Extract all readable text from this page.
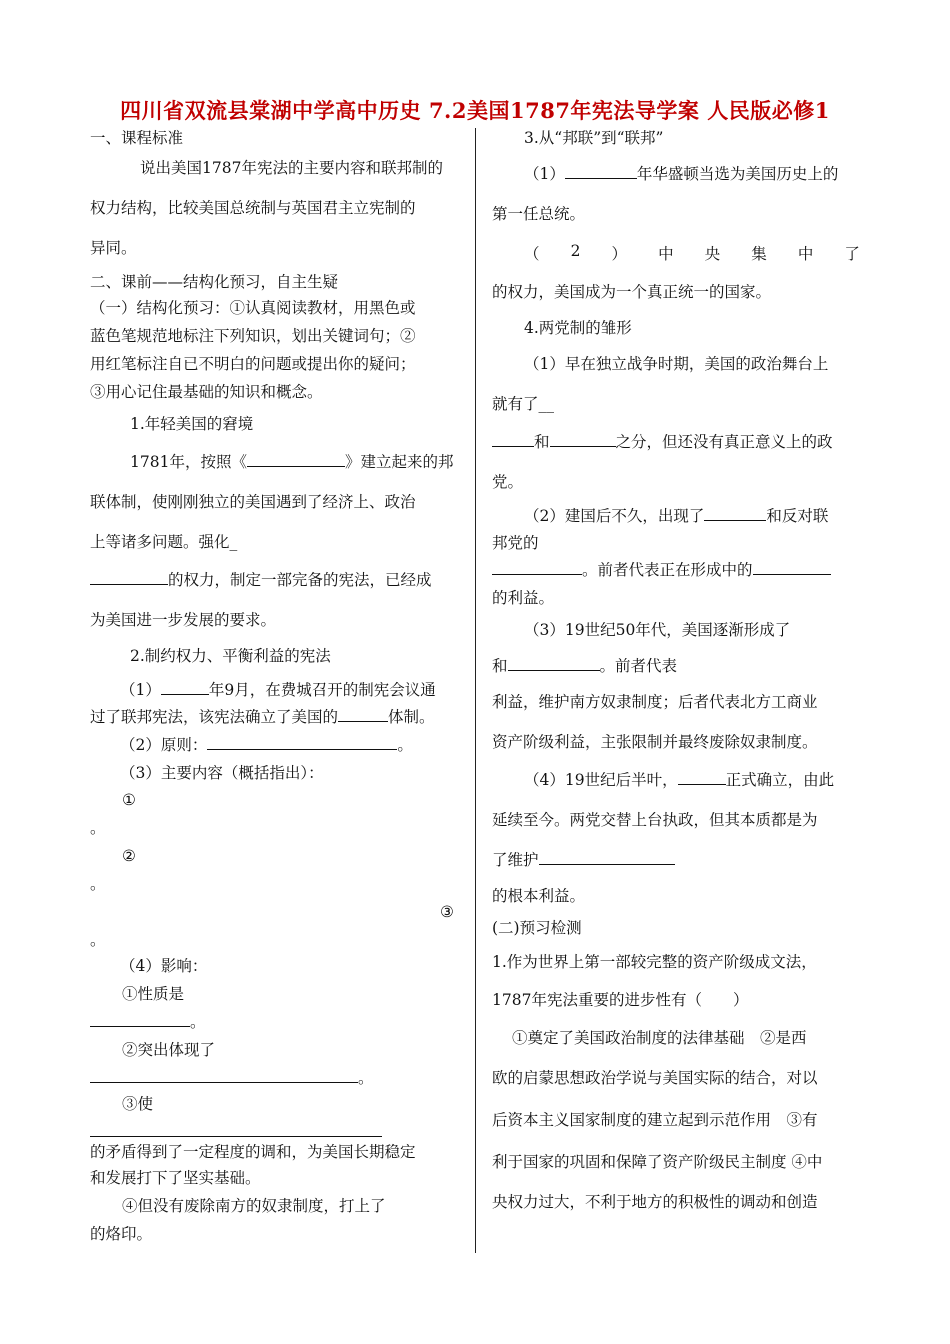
四川省双流县棠湖中学高中历史 7.2美国1787年宪法导学案 人民版必修1
一、课程标准
说出美国1787年宪法的主要内容和联邦制的
权力结构，比较美国总统制与英国君主立宪制的
异同。
二、课前——结构化预习，自主生疑
（一）结构化预习：①认真阅读教材，用黑色或
蓝色笔规范地标注下列知识，划出关键词句；②
用红笔标注自已不明白的问题或提出你的疑问；
③用心记住最基础的知识和概念。
1.年轻美国的窘境
1781年，按照《	》建立起来的邦
联体制，使刚刚独立的美国遇到了经济上、政治
上等诸多问题。强化_
的权力，制定一部完备的宪法，已经成
为美国进一步发展的要求。
2.制约权力、平衡利益的宪法
（1）	年9月，在费城召开的制宪会议通
过了联邦宪法，该宪法确立了美国的	体制。
（2）原则：	。
（3）主要内容（概括指出）：
①
。
②
。
③
。
（4）影响：
①性质是
。
②突出体现了
。
③使
的矛盾得到了一定程度的调和，为美国长期稳定
和发展打下了坚实基础。
④但没有废除南方的奴隶制度，打上了
的烙印。
3.从“邦联”到“联邦”
（1）	年华盛顿当选为美国历史上的
第一任总统。
（ 2 ） 中 央 集 中 了
的权力，美国成为一个真正统一的国家。
4.两党制的雏形
（1）早在独立战争时期，美国的政治舞台上
就有了__
和	之分，但还没有真正意义上的政
党。
（2）建国后不久，出现了	和反对联
邦党的
。前者代表正在形成中的
的利益。
（3）19世纪50年代，美国逐渐形成了
和	。前者代表
利益，维护南方奴隶制度；后者代表北方工商业
资产阶级利益，主张限制并最终废除奴隶制度。
（4）19世纪后半叶，	正式确立，由此
延续至今。两党交替上台执政，但其本质都是为
了维护
的根本利益。
(二)预习检测
1.作为世界上第一部较完整的资产阶级成文法，
1787年宪法重要的进步性有（　　）
①奠定了美国政治制度的法律基础　②是西
欧的启蒙思想政治学说与美国实际的结合，对以
后资本主义国家制度的建立起到示范作用　③有
利于国家的巩固和保障了资产阶级民主制度 ④中
央权力过大，不利于地方的积极性的调动和创造
